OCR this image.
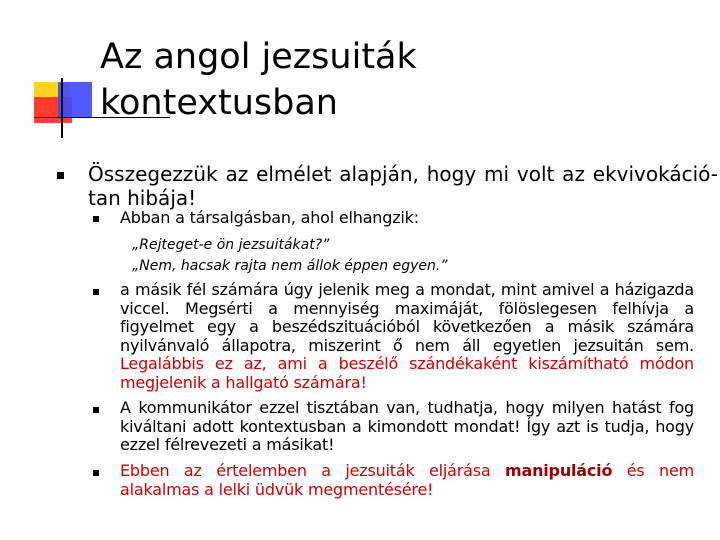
Az angol jezsuiták
kontextusban

Összegezzük az elmélet alapján, hogy mi volt az ekvivokáció-tan hibája!

Abban a társalgásban, ahol elhangzik:

„Rejteget-e ön jezsuitákat?”

„Nem, hacsak rajta nem állok éppen egyen.”

a másik fél számára úgy jelenik meg a mondat, mint amivel a házigazda viccel. Megsérti a mennyiség maximáját, fölöslegesen felhívja a figyelmet egy a beszédszituációból következően a másik számára nyilvánvaló állapotra, miszerint ő nem áll egyetlen jezsuitán sem. Legalábbis ez az, ami a beszélő szándékaként kiszámítható módon megjelenik a hallgató számára!

A kommunikátor ezzel tisztában van, tudhatja, hogy milyen hatást fog kiváltani adott kontextusban a kimondott mondat! Így azt is tudja, hogy ezzel félrevezeti a másikat!

Ebben az értelemben a jezsuiták eljárása manipuláció és nem alakalmas a lelki üdvük megmentésére!
